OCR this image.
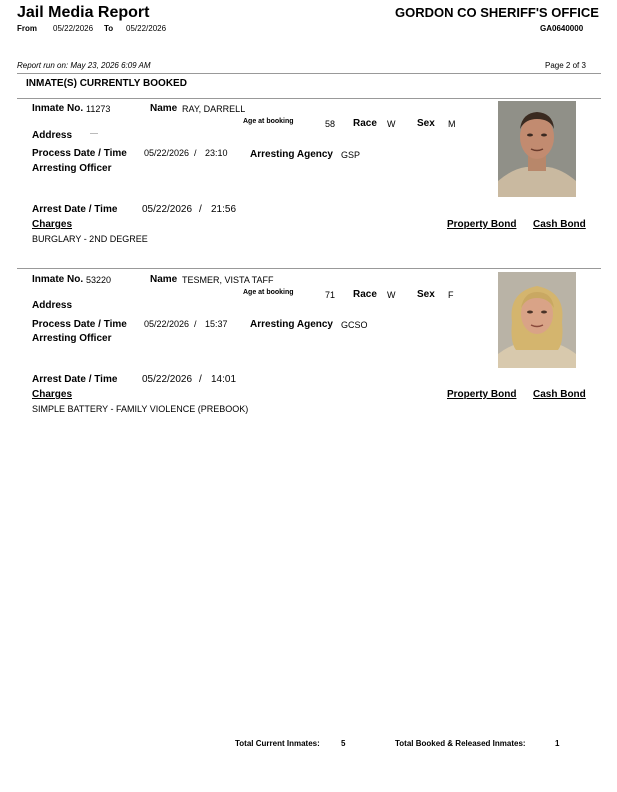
Jail Media Report
From 05/22/2026 To 05/22/2026
GORDON CO SHERIFF'S OFFICE
GA0640000
Report run on: May 23, 2026 6:09 AM	Page 2 of 3
INMATE(S) CURRENTLY BOOKED
Inmate No. 11273	Name RAY, DARRELL
Age at booking	58 Race W Sex M
Address
Process Date / Time 05/22/2026 / 23:10 Arresting Agency GSP
Arresting Officer
Arrest Date / Time 05/22/2026 / 21:56
Charges	Property Bond Cash Bond
BURGLARY - 2ND DEGREE
Inmate No. 53220	Name TESMER, VISTA TAFF
Age at booking	71 Race W Sex F
Address
Process Date / Time 05/22/2026 / 15:37 Arresting Agency GCSO
Arresting Officer
Arrest Date / Time 05/22/2026 / 14:01
Charges	Property Bond Cash Bond
SIMPLE BATTERY - FAMILY VIOLENCE (PREBOOK)
Total Current Inmates:	5	Total Booked & Released Inmates:	1
